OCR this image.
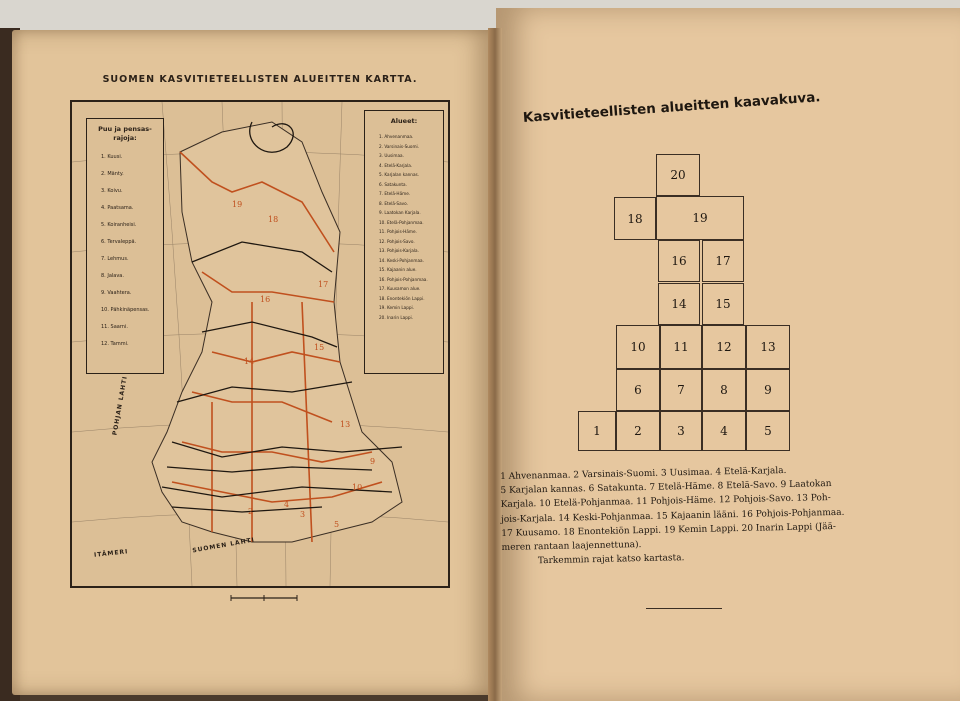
SUOMEN KASVITIETEELLISTEN ALUEITTEN KARTTA.
18
19
16
17
14
15
13
9
10
5
3
2
4
Puu ja pensas-rajoja:
1. Kuusi.
2. Mänty.
3. Koivu.
4. Paatsama.
5. Koiranheisi.
6. Tervaleppä.
7. Lehmus.
8. Jalava.
9. Vaahtera.
10. Pähkinäpensas.
11. Saarni.
12. Tammi.
Alueet:
1. Ahvenanmaa.
2. Varsinais-Suomi.
3. Uusimaa.
4. Etelä-Karjala.
5. Karjalan kannas.
6. Satakunta.
7. Etelä-Häme.
8. Etelä-Savo.
9. Laatokan Karjala.
10. Etelä-Pohjanmaa.
11. Pohjois-Häme.
12. Pohjois-Savo.
13. Pohjois-Karjala.
14. Keski-Pohjanmaa.
15. Kajaanin alue.
16. Pohjois-Pohjanmaa.
17. Kuusamon alue.
18. Enontekiön Lappi.
19. Kemin Lappi.
20. Inarin Lappi.
POHJAN LAHTI
ITÄMERI	SUOMEN LAHTI
Kasvitieteellisten alueitten kaavakuva.
20
18	19
16	17
14	15
10	11	12	13
6	7	8	9
1	2	3	4	5

1 Ahvenanmaa. 2 Varsinais-Suomi. 3 Uusimaa. 4 Etelä-Karjala.

5 Karjalan kannas. 6 Satakunta. 7 Etelä-Häme. 8 Etelä-Savo. 9 Laatokan

Karjala. 10 Etelä-Pohjanmaa. 11 Pohjois-Häme. 12 Pohjois-Savo. 13 Poh-

jois-Karjala. 14 Keski-Pohjanmaa. 15 Kajaanin lääni. 16 Pohjois-Pohjanmaa.

17 Kuusamo. 18 Enontekiön Lappi. 19 Kemin Lappi. 20 Inarin Lappi (Jää-

meren rantaan laajennettuna).

Tarkemmin rajat katso kartasta.
